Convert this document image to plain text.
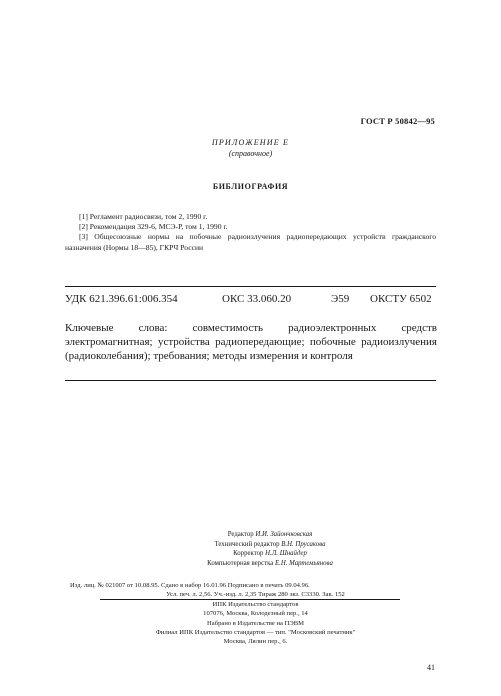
ГОСТ Р 50842—95
ПРИЛОЖЕНИЕ Е
(справочное)
БИБЛИОГРАФИЯ
[1] Регламент радиосвязи, том 2, 1990 г.
[2] Рекомендация 329-6, МСЭ-Р, том 1, 1990 г.
[3] Общесоюзные нормы на побочные радиоизлучения радиопередающих устройств гражданского назначения (Нормы 18—85), ГКРЧ России
УДК 621.396.61:006.354	ОКС 33.060.20	Э59 ОКСТУ 6502
Ключевые слова: совместимость радиоэлектронных средств электромагнитная; устройства радиопередающие; побочные радиоизлучения (радиоколебания); требования; методы измерения и контроля
Редактор И.И. Зайончковская
Технический редактор В.Н. Прусакова
Корректор Н.Л. Шнайдер
Компьютерная верстка Е.Н. Мартемьянова
Изд. лиц. № 021007 от 10.08.95. Сдано в набор 16.01.96 Подписано в печать 09.04.96.
Усл. печ. л. 2,56. Уч.-изд. л. 2,35 Тираж 280 экз. С3330. Зак. 152
ИПК Издательство стандартов
107076, Москва, Колодезный пер., 14
Набрано в Издательстве на ПЭВМ
Филиал ИПК Издательство стандартов — тип. "Московский печатник"
Москва, Лялин пер., 6.
41
